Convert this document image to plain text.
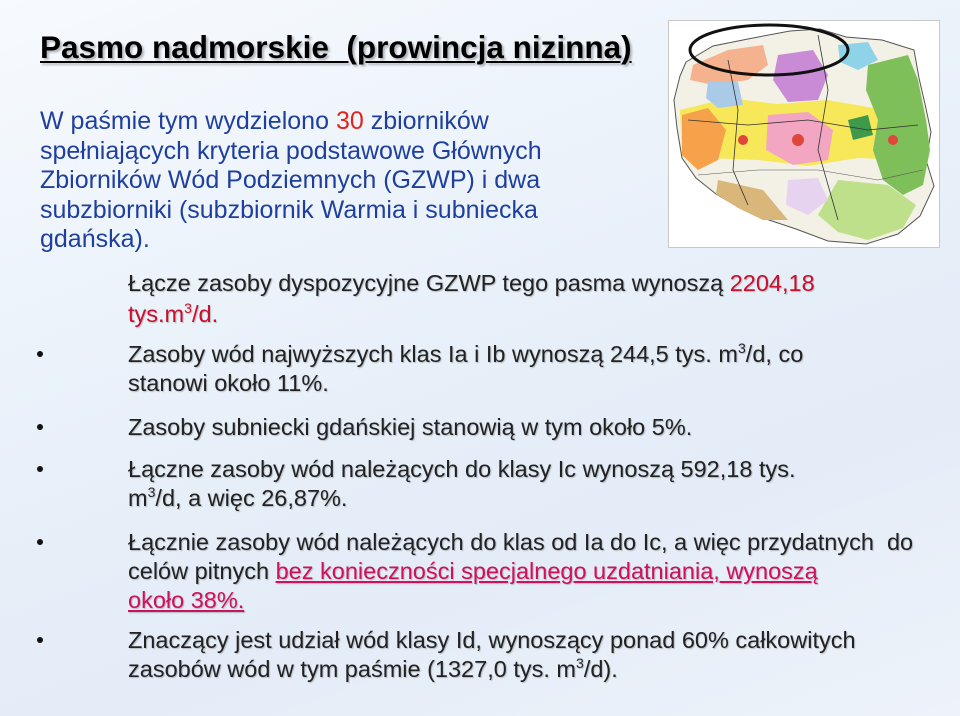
Pasmo nadmorskie  (prowincja nizinna)
W paśmie tym wydzielono 30 zbiorników
spełniających kryteria podstawowe Głównych
Zbiorników Wód Podziemnych (GZWP) i dwa
subzbiorniki (subzbiornik Warmia i subniecka
gdańska).
Łącze zasoby dyspozycyjne GZWP tego pasma wynoszą 2204,18
$tys.m^3/d$.
Zasoby wód najwyższych klas Ia i Ib wynoszą 244,5 tys. $m^3/d$, co
stanowi około 11%.
Zasoby subniecki gdańskiej stanowią w tym około 5%.
Łączne zasoby wód należących do klasy Ic wynoszą 592,18 tys.
$m^3/d$, a więc 26,87%.
Łącznie zasoby wód należących do klas od Ia do Ic, a więc przydatnych  do
celów pitnych bez konieczności specjalnego uzdatniania, wynoszą
około 38%.
Znaczący jest udział wód klasy Id, wynoszący ponad 60% całkowitych
zasobów wód w tym paśmie (1327,0 tys. $m^3/d$).
